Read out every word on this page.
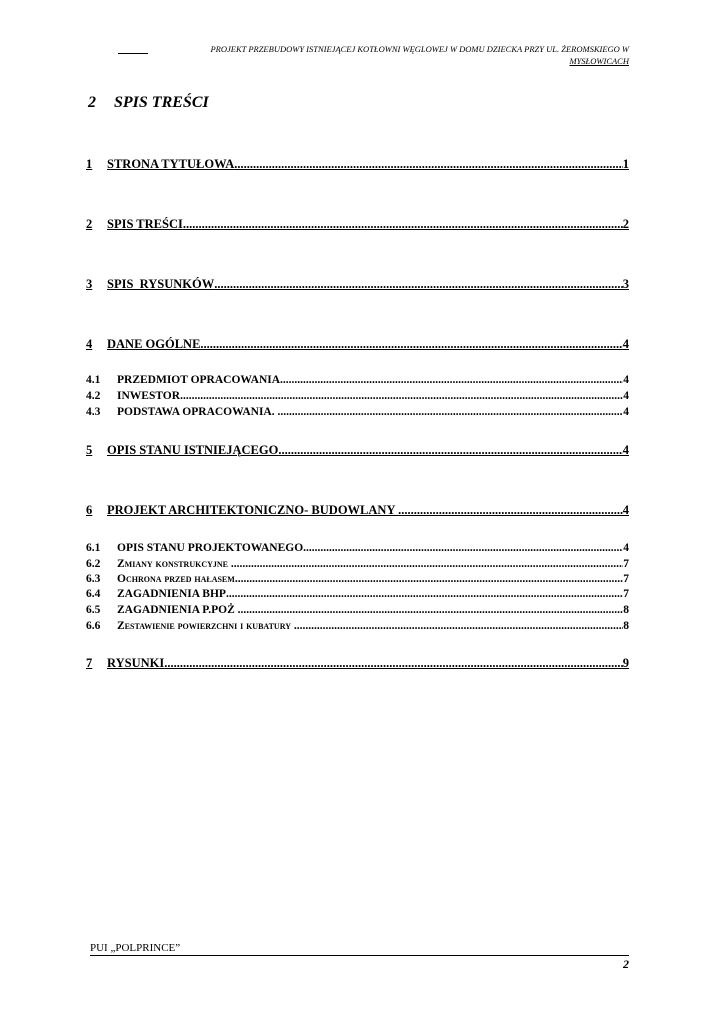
PROJEKT PRZEBUDOWY ISTNIEJĄCEJ KOTŁOWNI WĘGLOWEJ W DOMU DZIECKA PRZY UL. ŻEROMSKIEGO W
MYSŁOWICACH
2 SPIS TREŚCI
1	STRONA TYTUŁOWA .....	1
2	SPIS TREŚCI .....	2
3	SPIS  RYSUNKÓW .....	3
4	DANE OGÓLNE .....	4
4.1	PRZEDMIOT OPRACOWANIA. .....	4
4.2	INWESTOR .....	4
4.3	PODSTAWA OPRACOWANIA. .....	4
5	OPIS STANU ISTNIEJĄCEGO .....	4
6	PROJEKT ARCHITEKTONICZNO- BUDOWLANY .....	4
6.1	OPIS STANU PROJEKTOWANEGO .....	4
6.2	Zmiany konstrukcyjne .....	7
6.3	Ochrona przed hałasem .....	7
6.4	ZAGADNIENIA BHP .....	7
6.5	ZAGADNIENIA P.POŻ .....	8
6.6	Zestawienie powierzchni i kubatury .....	8
7	RYSUNKI .....	9
PUI „POLPRINCE”
2
